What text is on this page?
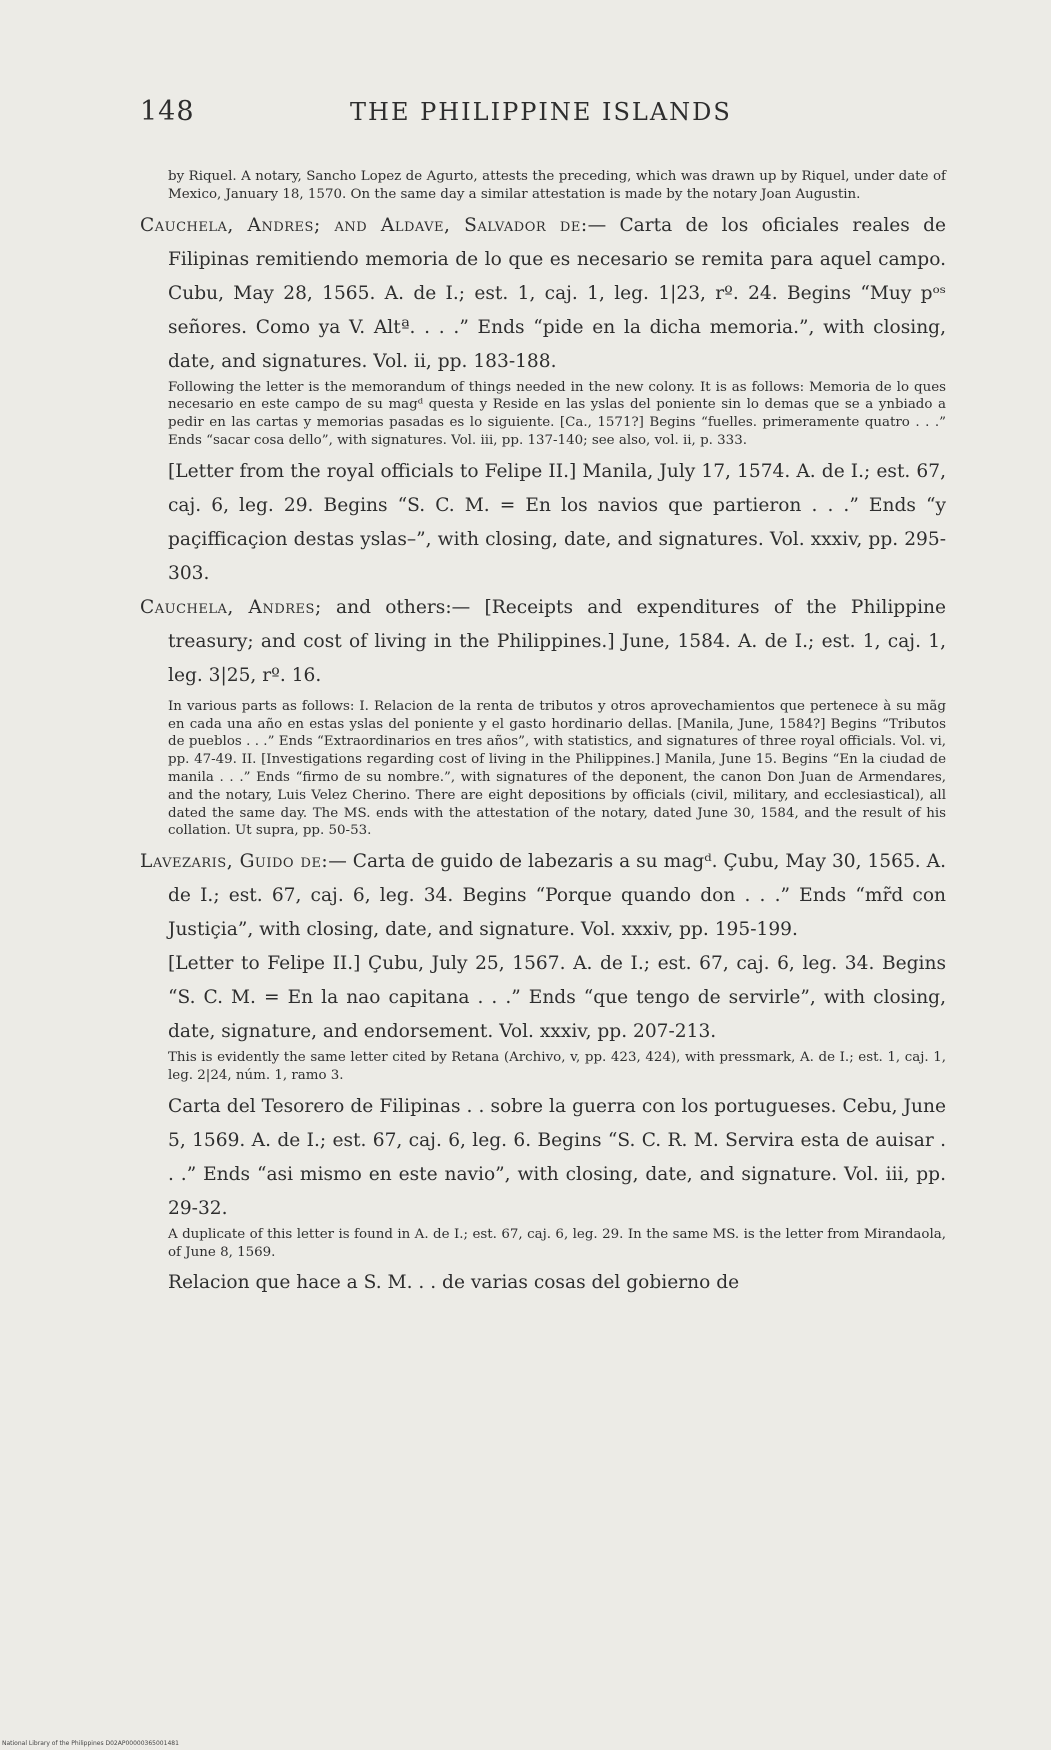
148	THE PHILIPPINE ISLANDS

by Riquel. A notary, Sancho Lopez de Agurto, attests the preceding, which was drawn up by Riquel, under date of Mexico, January 18, 1570. On the same day a similar attestation is made by the notary Joan Augustin.

Cauchela, Andres; and Aldave, Salvador de:— Carta de los oficiales reales de Filipinas remitiendo memoria de lo que es necesario se remita para aquel campo. Cubu, May 28, 1565. A. de I.; est. 1, caj. 1, leg. 1|23, rº. 24. Begins “Muy pᵒˢ señores. Como ya V. Altª. . . .” Ends “pide en la dicha memoria.”, with closing, date, and signatures. Vol. ii, pp. 183-188.

Following the letter is the memorandum of things needed in the new colony. It is as follows: Memoria de lo ques necesario en este campo de su magᵈ questa y Reside en las yslas del poniente sin lo demas que se a ynbiado a pedir en las cartas y memorias pasadas es lo siguiente. [Ca., 1571?] Begins “fuelles. primeramente quatro . . .” Ends “sacar cosa dello”, with signatures. Vol. iii, pp. 137-140; see also, vol. ii, p. 333.

[Letter from the royal officials to Felipe II.] Manila, July 17, 1574. A. de I.; est. 67, caj. 6, leg. 29. Begins “S. C. M. = En los navios que partieron . . .” Ends “y paçifficaçion destas yslas–”, with closing, date, and signatures. Vol. xxxiv, pp. 295-303.

Cauchela, Andres; and others:— [Receipts and expenditures of the Philippine treasury; and cost of living in the Philippines.] June, 1584. A. de I.; est. 1, caj. 1, leg. 3|25, rº. 16.

In various parts as follows: I. Relacion de la renta de tributos y otros aprovechamientos que pertenece à su mãg en cada una año en estas yslas del poniente y el gasto hordinario dellas. [Manila, June, 1584?] Begins “Tributos de pueblos . . .” Ends “Extraordinarios en tres años”, with statistics, and signatures of three royal officials. Vol. vi, pp. 47-49. II. [Investigations regarding cost of living in the Philippines.] Manila, June 15. Begins “En la ciudad de manila . . .” Ends “firmo de su nombre.”, with signatures of the deponent, the canon Don Juan de Armendares, and the notary, Luis Velez Cherino. There are eight depositions by officials (civil, military, and ecclesiastical), all dated the same day. The MS. ends with the attestation of the notary, dated June 30, 1584, and the result of his collation. Ut supra, pp. 50-53.

Lavezaris, Guido de:— Carta de guido de labezaris a su magᵈ. Çubu, May 30, 1565. A. de I.; est. 67, caj. 6, leg. 34. Begins “Porque quando don . . .” Ends “mr̃d con Justiçia”, with closing, date, and signature. Vol. xxxiv, pp. 195-199.

[Letter to Felipe II.] Çubu, July 25, 1567. A. de I.; est. 67, caj. 6, leg. 34. Begins “S. C. M. = En la nao capitana . . .” Ends “que tengo de servirle”, with closing, date, signature, and endorsement. Vol. xxxiv, pp. 207-213.

This is evidently the same letter cited by Retana (Archivo, v, pp. 423, 424), with pressmark, A. de I.; est. 1, caj. 1, leg. 2|24, núm. 1, ramo 3.

Carta del Tesorero de Filipinas . . sobre la guerra con los portugueses. Cebu, June 5, 1569. A. de I.; est. 67, caj. 6, leg. 6. Begins “S. C. R. M. Servira esta de auisar . . .” Ends “asi mismo en este navio”, with closing, date, and signature. Vol. iii, pp. 29-32.

A duplicate of this letter is found in A. de I.; est. 67, caj. 6, leg. 29. In the same MS. is the letter from Mirandaola, of June 8, 1569.

Relacion que hace a S. M. . . de varias cosas del gobierno de

National Library of the Philippines D02AP00000365001481
